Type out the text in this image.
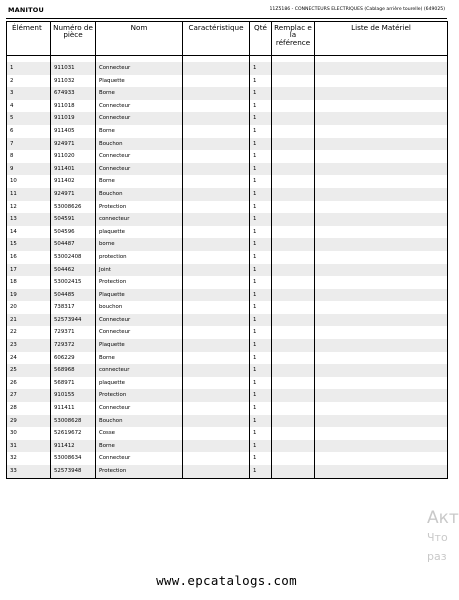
MANITOU	11Z5186 - CONNECTEURS ELECTRIQUES (Cablage arrière tourelle) (649025)
Élément	Numéro de pièce	Nom	Caractéristique	Qté	Remplac e la référence	Liste de Matériel

1	911031	Connecteur		1		
2	911032	Plaquette		1		
3	674933	Borne		1		
4	911018	Connecteur		1		
5	911019	Connecteur		1		
6	911405	Borne		1		
7	924971	Bouchon		1		
8	911020	Connecteur		1		
9	911401	Connecteur		1		
10	911402	Borne		1		
11	924971	Bouchon		1		
12	53008626	Protection		1		
13	504591	connecteur		1		
14	504596	plaquette		1		
15	504487	borne		1		
16	53002408	protection		1		
17	504462	Joint		1		
18	53002415	Protection		1		
19	504485	Plaquette		1		
20	738317	bouchon		1		
21	52573944	Connecteur		1		
22	729371	Connecteur		1		
23	729372	Plaquette		1		
24	606229	Borne		1		
25	568968	connecteur		1		
26	568971	plaquette		1		
27	910155	Protection		1		
28	911411	Connecteur		1		
29	53008628	Bouchon		1		
30	52619672	Cosse		1		
31	911412	Borne		1		
32	53008634	Connecteur		1		
33	52573948	Protection		1		
Акт
Что
раз
www.epcatalogs.com
